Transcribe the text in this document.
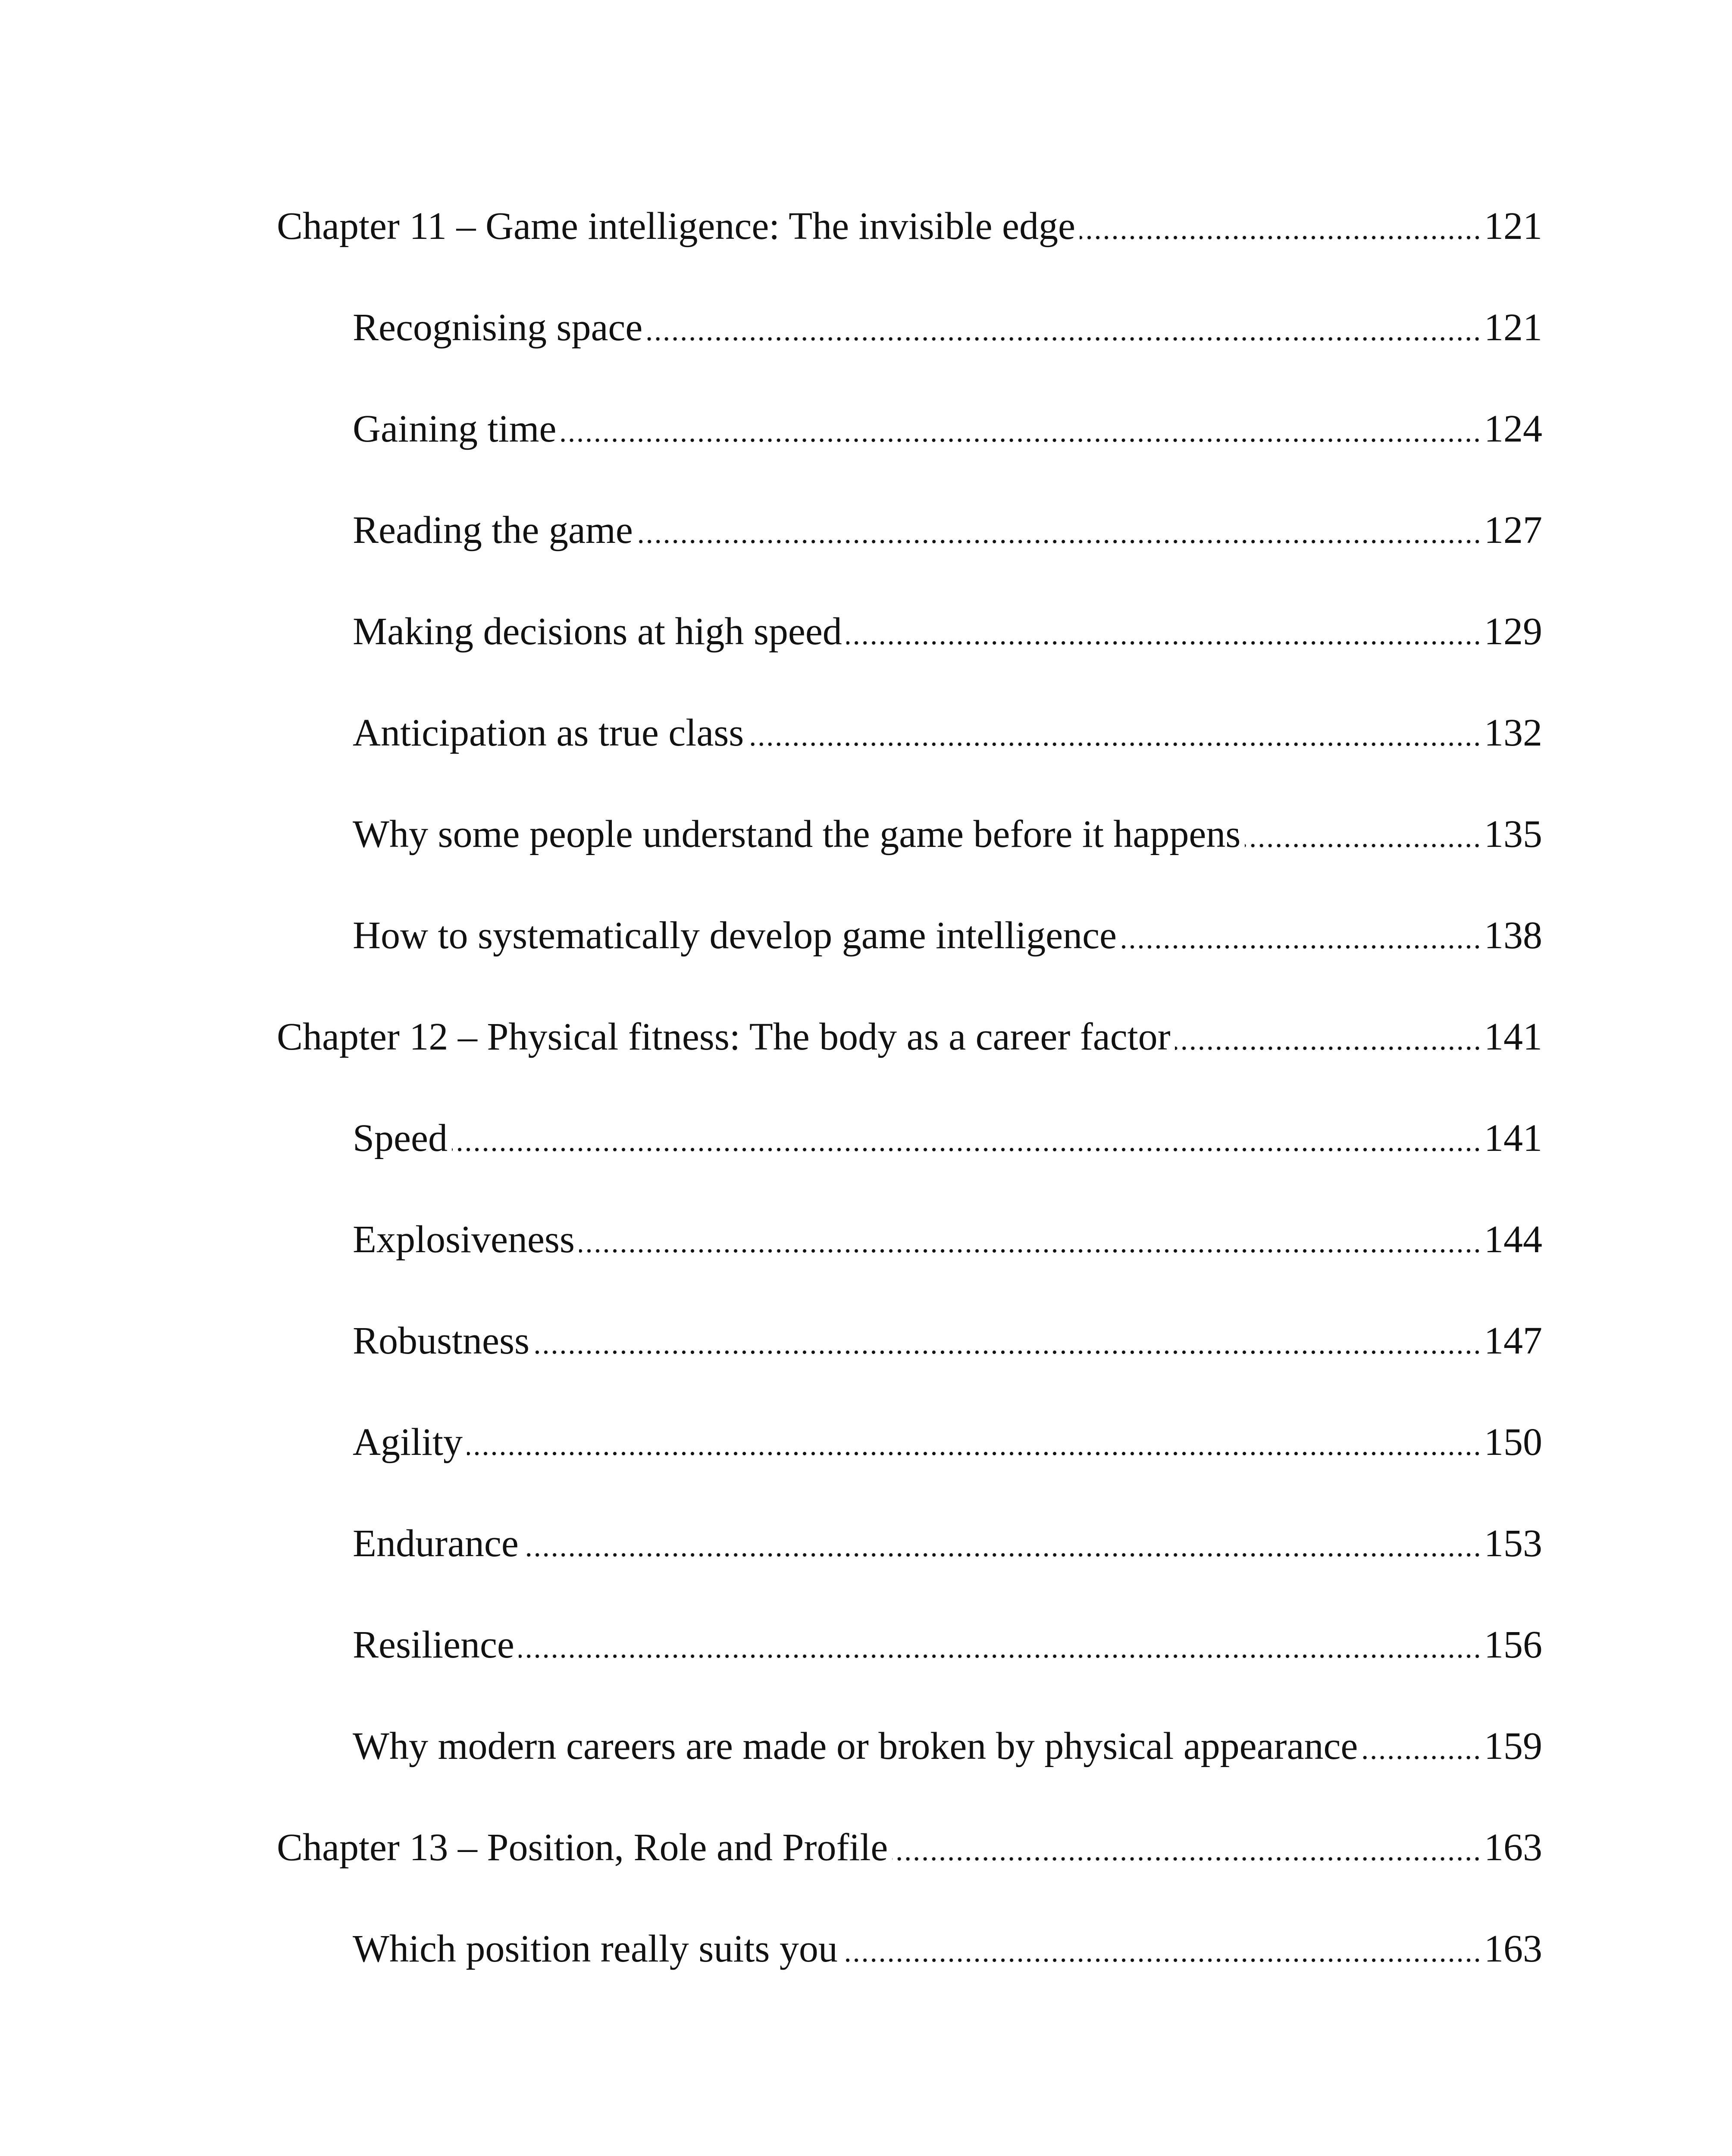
Chapter 11 – Game intelligence: The invisible edge	121
Recognising space	121
Gaining time	124
Reading the game	127
Making decisions at high speed	129
Anticipation as true class	132
Why some people understand the game before it happens	135
How to systematically develop game intelligence	138
Chapter 12 – Physical fitness: The body as a career factor	141
Speed	141
Explosiveness	144
Robustness	147
Agility	150
Endurance	153
Resilience	156
Why modern careers are made or broken by physical appearance	159
Chapter 13 – Position, Role and Profile	163
Which position really suits you	163
